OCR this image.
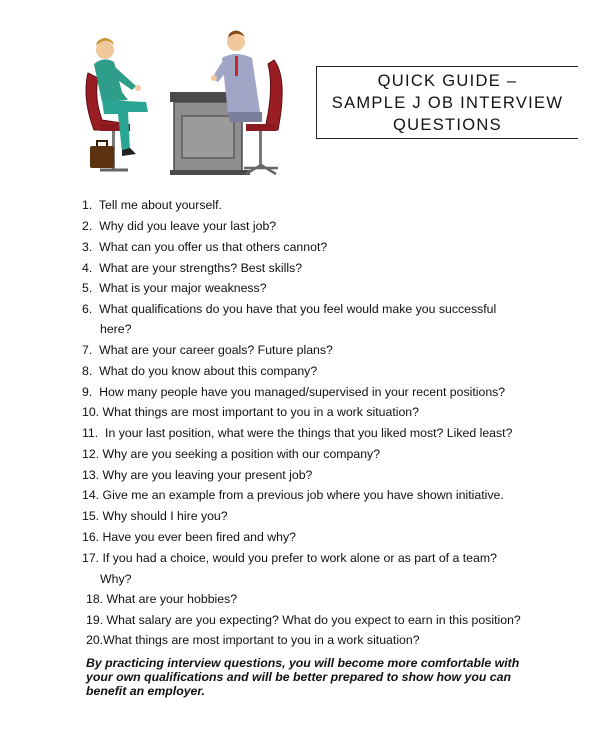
QUICK GUIDE –
SAMPLE J OB INTERVIEW
QUESTIONS
1. Tell me about yourself.
2. Why did you leave your last job?
3. What can you offer us that others cannot?
4. What are your strengths? Best skills?
5. What is your major weakness?
6. What qualifications do you have that you feel would make you successful
here?
7. What are your career goals? Future plans?
8. What do you know about this company?
9. How many people have you managed/supervised in your recent positions?
10. What things are most important to you in a work situation?
11. In your last position, what were the things that you liked most? Liked least?
12. Why are you seeking a position with our company?
13. Why are you leaving your present job?
14. Give me an example from a previous job where you have shown initiative.
15. Why should I hire you?
16. Have you ever been fired and why?
17. If you had a choice, would you prefer to work alone or as part of a team?
Why?
18. What are your hobbies?
19. What salary are you expecting? What do you expect to earn in this position?
20.What things are most important to you in a work situation?
By practicing interview questions, you will become more comfortable with
your own qualifications and will be better prepared to show how you can
benefit an employer.
